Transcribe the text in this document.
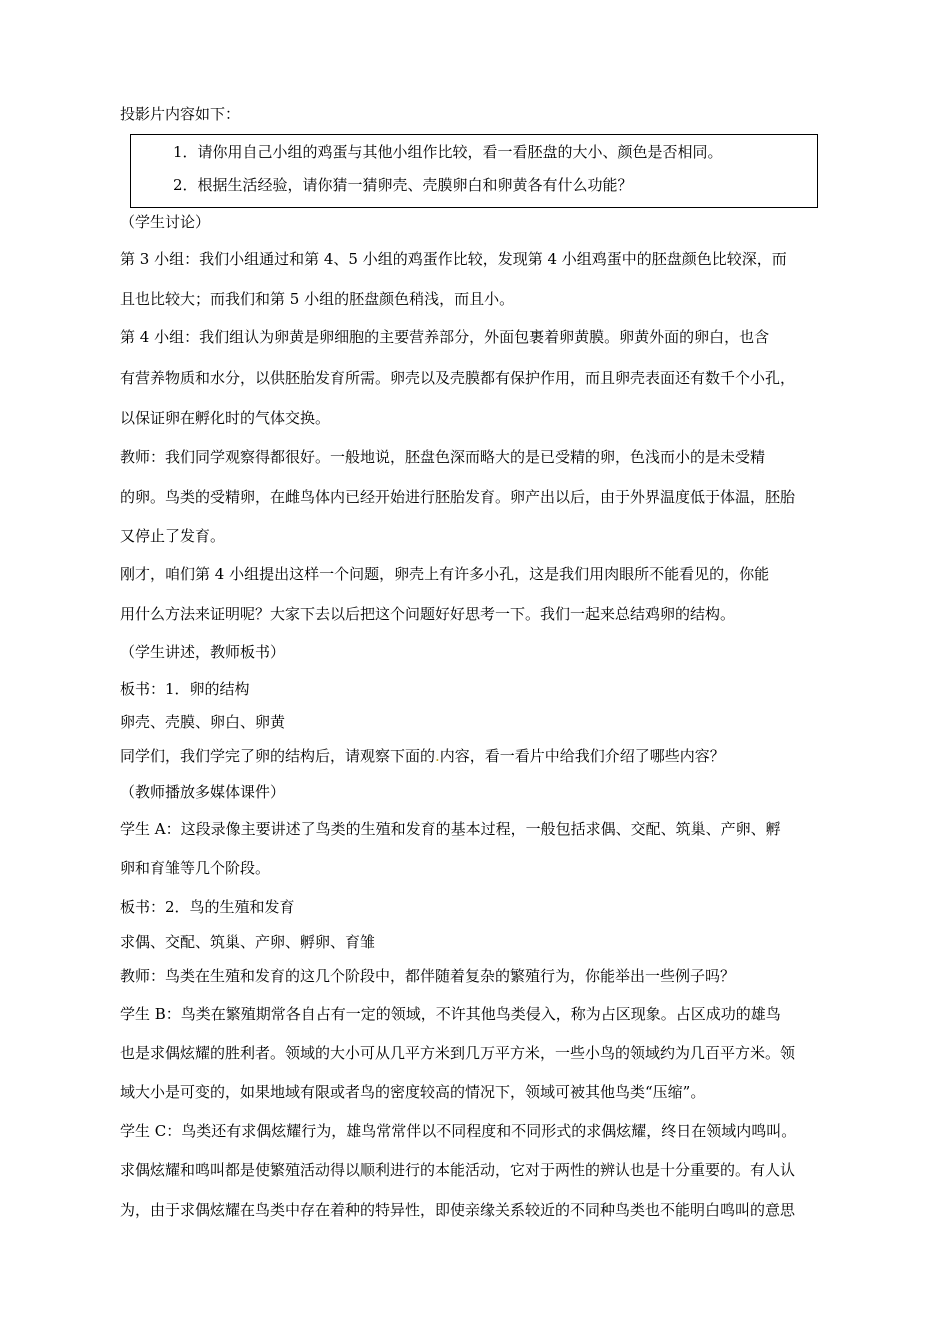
投影片内容如下：
1．请你用自己小组的鸡蛋与其他小组作比较，看一看胚盘的大小、颜色是否相同。
2．根据生活经验，请你猜一猜卵壳、壳膜卵白和卵黄各有什么功能？
（学生讨论）
第 3 小组：我们小组通过和第 4、5 小组的鸡蛋作比较，发现第 4 小组鸡蛋中的胚盘颜色比较深，而
且也比较大；而我们和第 5 小组的胚盘颜色稍浅，而且小。
第 4 小组：我们组认为卵黄是卵细胞的主要营养部分，外面包裹着卵黄膜。卵黄外面的卵白，也含
有营养物质和水分，以供胚胎发育所需。卵壳以及壳膜都有保护作用，而且卵壳表面还有数千个小孔，
以保证卵在孵化时的气体交换。
教师：我们同学观察得都很好。一般地说，胚盘色深而略大的是已受精的卵，色浅而小的是未受精
的卵。鸟类的受精卵，在雌鸟体内已经开始进行胚胎发育。卵产出以后，由于外界温度低于体温，胚胎
又停止了发育。
刚才，咱们第 4 小组提出这样一个问题，卵壳上有许多小孔，这是我们用肉眼所不能看见的，你能
用什么方法来证明呢？大家下去以后把这个问题好好思考一下。我们一起来总结鸡卵的结构。
（学生讲述，教师板书）
板书：1．卵的结构
卵壳、壳膜、卵白、卵黄
同学们，我们学完了卵的结构后，请观察下面的.内容，看一看片中给我们介绍了哪些内容？
（教师播放多媒体课件）
学生 A：这段录像主要讲述了鸟类的生殖和发育的基本过程，一般包括求偶、交配、筑巢、产卵、孵
卵和育雏等几个阶段。
板书：2．鸟的生殖和发育
求偶、交配、筑巢、产卵、孵卵、育雏
教师：鸟类在生殖和发育的这几个阶段中，都伴随着复杂的繁殖行为，你能举出一些例子吗？
学生 B：鸟类在繁殖期常各自占有一定的领域，不许其他鸟类侵入，称为占区现象。占区成功的雄鸟
也是求偶炫耀的胜利者。领域的大小可从几平方米到几万平方米，一些小鸟的领域约为几百平方米。领
域大小是可变的，如果地域有限或者鸟的密度较高的情况下，领域可被其他鸟类“压缩”。
学生 C：鸟类还有求偶炫耀行为，雄鸟常常伴以不同程度和不同形式的求偶炫耀，终日在领域内鸣叫。
求偶炫耀和鸣叫都是使繁殖活动得以顺利进行的本能活动，它对于两性的辨认也是十分重要的。有人认
为，由于求偶炫耀在鸟类中存在着种的特异性，即使亲缘关系较近的不同种鸟类也不能明白鸣叫的意思
